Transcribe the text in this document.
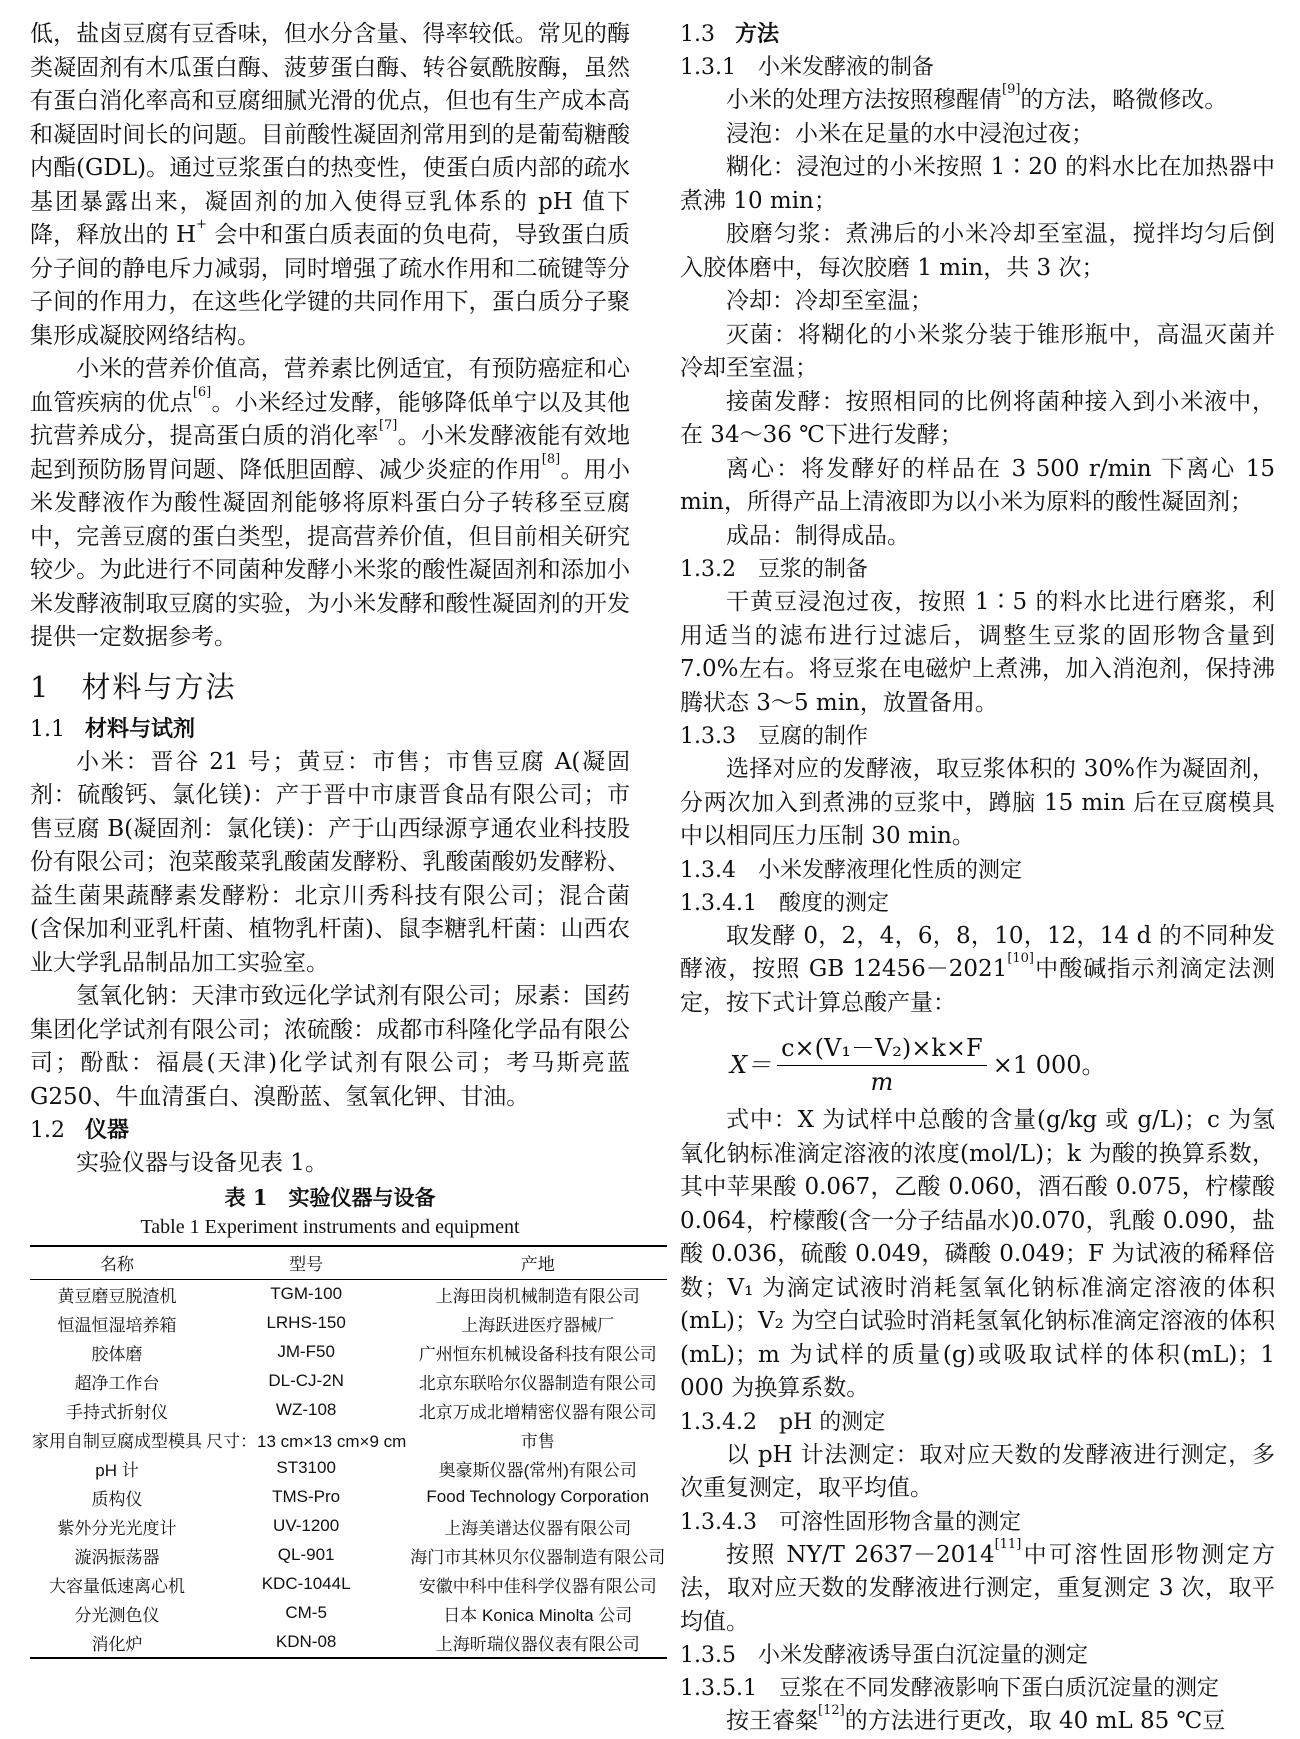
低，盐卤豆腐有豆香味，但水分含量、得率较低。常见的酶类凝固剂有木瓜蛋白酶、菠萝蛋白酶、转谷氨酰胺酶，虽然有蛋白消化率高和豆腐细腻光滑的优点，但也有生产成本高和凝固时间长的问题。目前酸性凝固剂常用到的是葡萄糖酸内酯(GDL)。通过豆浆蛋白的热变性，使蛋白质内部的疏水基团暴露出来，凝固剂的加入使得豆乳体系的 pH 值下降，释放出的 H+ 会中和蛋白质表面的负电荷，导致蛋白质分子间的静电斥力减弱，同时增强了疏水作用和二硫键等分子间的作用力，在这些化学键的共同作用下，蛋白质分子聚集形成凝胶网络结构。

小米的营养价值高，营养素比例适宜，有预防癌症和心血管疾病的优点[6]。小米经过发酵，能够降低单宁以及其他抗营养成分，提高蛋白质的消化率[7]。小米发酵液能有效地起到预防肠胃问题、降低胆固醇、减少炎症的作用[8]。用小米发酵液作为酸性凝固剂能够将原料蛋白分子转移至豆腐中，完善豆腐的蛋白类型，提高营养价值，但目前相关研究较少。为此进行不同菌种发酵小米浆的酸性凝固剂和添加小米发酵液制取豆腐的实验，为小米发酵和酸性凝固剂的开发提供一定数据参考。

1　材料与方法
1.1 材料与试剂

小米：晋谷 21 号；黄豆：市售；市售豆腐 A(凝固剂：硫酸钙、氯化镁)：产于晋中市康晋食品有限公司；市售豆腐 B(凝固剂：氯化镁)：产于山西绿源亨通农业科技股份有限公司；泡菜酸菜乳酸菌发酵粉、乳酸菌酸奶发酵粉、益生菌果蔬酵素发酵粉：北京川秀科技有限公司；混合菌(含保加利亚乳杆菌、植物乳杆菌)、鼠李糖乳杆菌：山西农业大学乳品制品加工实验室。

氢氧化钠：天津市致远化学试剂有限公司；尿素：国药集团化学试剂有限公司；浓硫酸：成都市科隆化学品有限公司；酚酞：福晨(天津)化学试剂有限公司；考马斯亮蓝 G250、牛血清蛋白、溴酚蓝、氢氧化钾、甘油。

1.2 仪器

实验仪器与设备见表 1。

表 1　实验仪器与设备
Table 1 Experiment instruments and equipment
名称	型号	产地
黄豆磨豆脱渣机	TGM-100	上海田岗机械制造有限公司
恒温恒湿培养箱	LRHS-150	上海跃进医疗器械厂
胶体磨	JM-F50	广州恒东机械设备科技有限公司
超净工作台	DL-CJ-2N	北京东联哈尔仪器制造有限公司
手持式折射仪	WZ-108	北京万成北增精密仪器有限公司
家用自制豆腐成型模具	尺寸：13 cm×13 cm×9 cm	市售
pH 计	ST3100	奥豪斯仪器(常州)有限公司
质构仪	TMS-Pro	Food Technology Corporation
紫外分光光度计	UV-1200	上海美谱达仪器有限公司
漩涡振荡器	QL-901	海门市其林贝尔仪器制造有限公司
大容量低速离心机	KDC-1044L	安徽中科中佳科学仪器有限公司
分光测色仪	CM-5	日本 Konica Minolta 公司
消化炉	KDN-08	上海昕瑞仪器仪表有限公司
1.3 方法
1.3.1 小米发酵液的制备

小米的处理方法按照穆醒倩[9]的方法，略微修改。

浸泡：小米在足量的水中浸泡过夜；

糊化：浸泡过的小米按照 1∶20 的料水比在加热器中煮沸 10 min；

胶磨匀浆：煮沸后的小米冷却至室温，搅拌均匀后倒入胶体磨中，每次胶磨 1 min，共 3 次；

冷却：冷却至室温；

灭菌：将糊化的小米浆分装于锥形瓶中，高温灭菌并冷却至室温；

接菌发酵：按照相同的比例将菌种接入到小米液中，在 34～36 ℃下进行发酵；

离心：将发酵好的样品在 3 500 r/min 下离心 15 min，所得产品上清液即为以小米为原料的酸性凝固剂；

成品：制得成品。

1.3.2 豆浆的制备

干黄豆浸泡过夜，按照 1∶5 的料水比进行磨浆，利用适当的滤布进行过滤后，调整生豆浆的固形物含量到 7.0%左右。将豆浆在电磁炉上煮沸，加入消泡剂，保持沸腾状态 3～5 min，放置备用。

1.3.3 豆腐的制作

选择对应的发酵液，取豆浆体积的 30%作为凝固剂，分两次加入到煮沸的豆浆中，蹲脑 15 min 后在豆腐模具中以相同压力压制 30 min。

1.3.4 小米发酵液理化性质的测定
1.3.4.1 酸度的测定

取发酵 0，2，4，6，8，10，12，14 d 的不同种发酵液，按照 GB 12456－2021[10]中酸碱指示剂滴定法测定，按下式计算总酸产量：

$X= \frac{\text{c×(V₁－V₂)×k×F}}{m} \times 1$ 000。

式中：X 为试样中总酸的含量(g/kg 或 g/L)；c 为氢氧化钠标准滴定溶液的浓度(mol/L)；k 为酸的换算系数，其中苹果酸 0.067，乙酸 0.060，酒石酸 0.075，柠檬酸 0.064，柠檬酸(含一分子结晶水)0.070，乳酸 0.090，盐酸 0.036，硫酸 0.049，磷酸 0.049；F 为试液的稀释倍数；V₁ 为滴定试液时消耗氢氧化钠标准滴定溶液的体积(mL)；V₂ 为空白试验时消耗氢氧化钠标准滴定溶液的体积(mL)；m 为试样的质量(g)或吸取试样的体积(mL)；1 000 为换算系数。

1.3.4.2 pH 的测定

以 pH 计法测定：取对应天数的发酵液进行测定，多次重复测定，取平均值。

1.3.4.3 可溶性固形物含量的测定

按照 NY/T 2637－2014[11]中可溶性固形物测定方法，取对应天数的发酵液进行测定，重复测定 3 次，取平均值。

1.3.5 小米发酵液诱导蛋白沉淀量的测定
1.3.5.1 豆浆在不同发酵液影响下蛋白质沉淀量的测定

按王睿粲[12]的方法进行更改，取 40 mL 85 ℃豆
